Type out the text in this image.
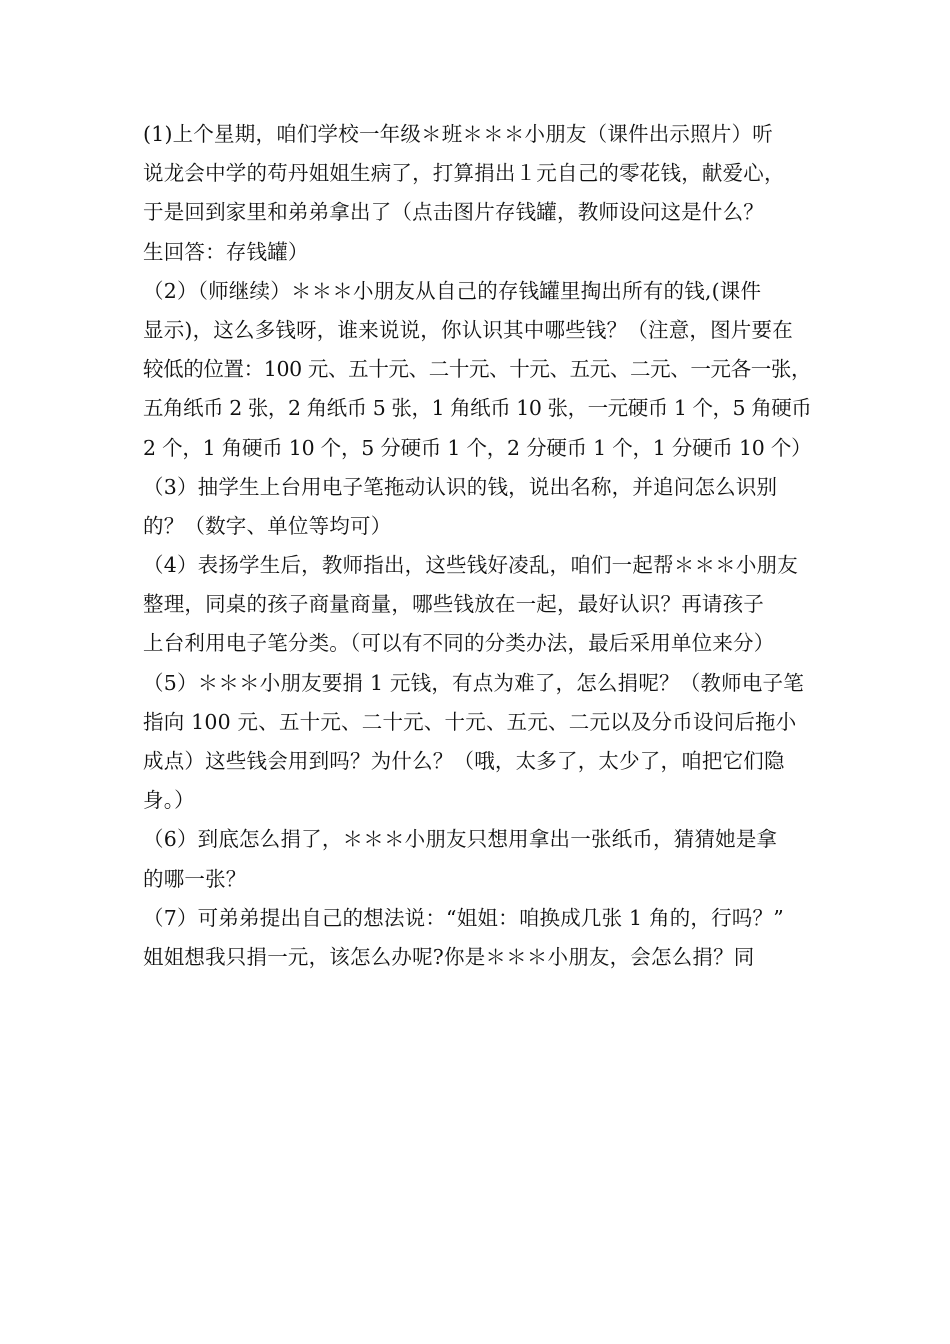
(1)上个星期，咱们学校一年级＊班＊＊＊小朋友（课件出示照片）听
说龙会中学的苟丹姐姐生病了，打算捐出１元自己的零花钱，献爱心，
于是回到家里和弟弟拿出了（点击图片存钱罐，教师设问这是什么？
生回答：存钱罐）
（2）（师继续）＊＊＊小朋友从自己的存钱罐里掏出所有的钱,(课件
显示)，这么多钱呀，谁来说说，你认识其中哪些钱？（注意，图片要在
较低的位置：100 元、五十元、二十元、十元、五元、二元、一元各一张，
五角纸币 2 张，2 角纸币 5 张，1 角纸币 10 张，一元硬币 1 个，5 角硬币
2 个，1 角硬币 10 个，5 分硬币 1 个，2 分硬币 1 个，1 分硬币 10 个）
（3）抽学生上台用电子笔拖动认识的钱，说出名称，并追问怎么识别
的？（数字、单位等均可）
（4）表扬学生后，教师指出，这些钱好凌乱，咱们一起帮＊＊＊小朋友
整理，同桌的孩子商量商量，哪些钱放在一起，最好认识？再请孩子
上台利用电子笔分类。（可以有不同的分类办法，最后采用单位来分）
（5）＊＊＊小朋友要捐 1 元钱，有点为难了，怎么捐呢？（教师电子笔
指向 100 元、五十元、二十元、十元、五元、二元以及分币设问后拖小
成点）这些钱会用到吗？为什么？（哦，太多了，太少了，咱把它们隐
身。）
（6）到底怎么捐了，＊＊＊小朋友只想用拿出一张纸币，猜猜她是拿
的哪一张？
（7）可弟弟提出自己的想法说：“姐姐：咱换成几张 1 角的，行吗？”
姐姐想我只捐一元，该怎么办呢?你是＊＊＊小朋友，会怎么捐？同
